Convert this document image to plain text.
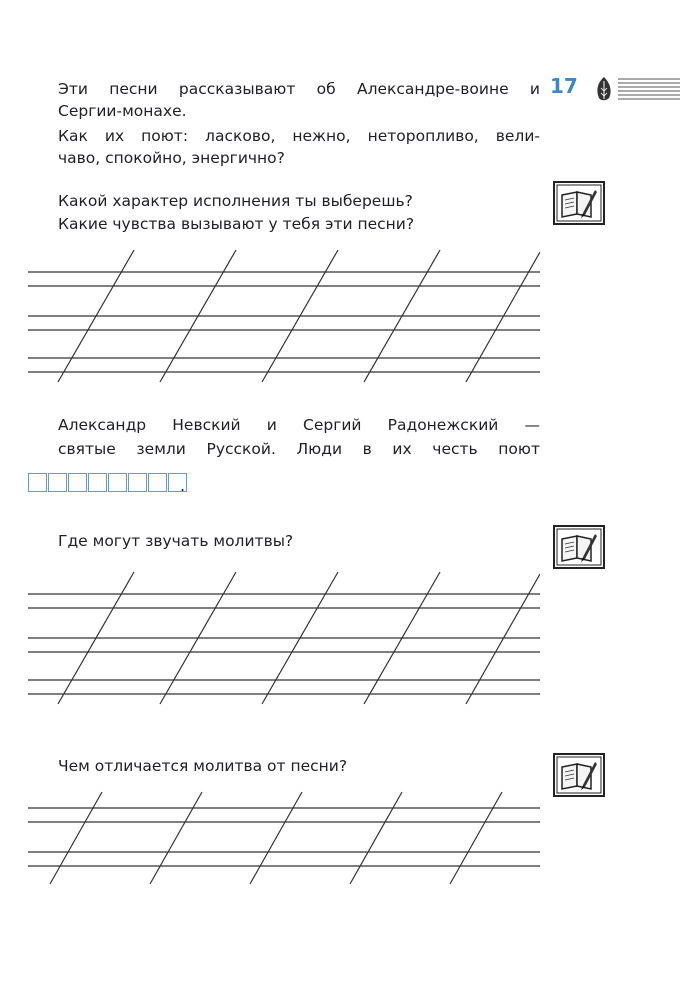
17

Эти песни рассказывают об Александре-воине и

Сергии-монахе.

Как их поют: ласково, нежно, неторопливо, вели-

чаво, спокойно, энергично?

Какой характер исполнения ты выберешь?

Какие чувства вызывают у тебя эти песни?

Александр Невский и Сергий Радонежский —

святые земли Русской. Люди в их честь поют

.

Где могут звучать молитвы?

Чем отличается молитва от песни?
